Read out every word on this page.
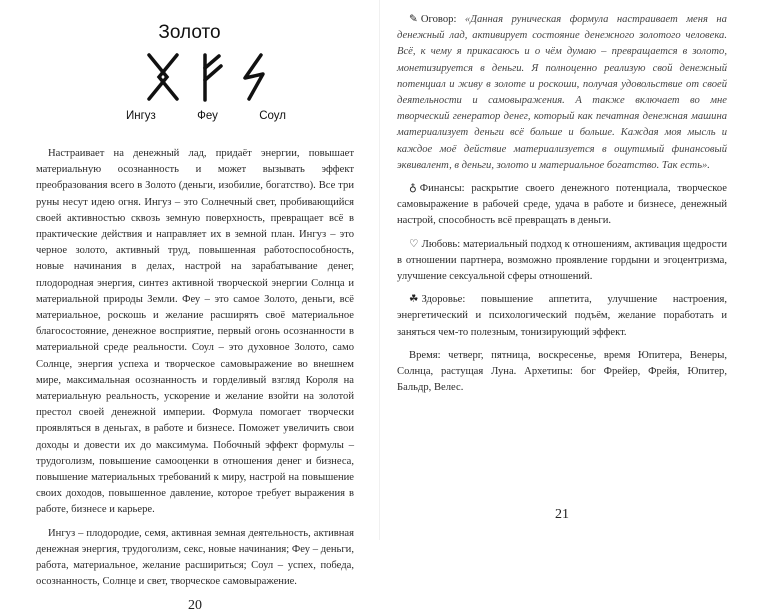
Золото
Ингуз	Феу	Соул

Настраивает на денежный лад, придаёт энергии, повышает материальную осознанность и может вызывать эффект преобразования всего в Золото (деньги, изобилие, богатство). Все три руны несут идею огня. Ингуз – это Солнечный свет, пробивающийся своей активностью сквозь земную поверхность, превращает всё в практические действия и направляет их в земной план. Ингуз – это черное золото, активный труд, повышенная работоспособность, новые начинания в делах, настрой на зарабатывание денег, плодородная энергия, синтез активной творческой энергии Солнца и материальной природы Земли. Феу – это самое Золото, деньги, всё материальное, роскошь и желание расширять своё материальное благосостояние, денежное восприятие, первый огонь осознанности в материальной среде реальности. Соул – это духовное Золото, само Солнце, энергия успеха и творческое самовыражение во внешнем мире, максимальная осознанность и горделивый взгляд Короля на материальную реальность, ускорение и желание взойти на золотой престол своей денежной империи. Формула помогает творчески проявляться в деньгах, в работе и бизнесе. Поможет увеличить свои доходы и довести их до максимума. Побочный эффект формулы – трудоголизм, повышение самооценки в отношения денег и бизнеса, повышение материальных требований к миру, настрой на повышение своих доходов, повышенное давление, которое требует выражения в работе, бизнесе и карьере.

Ингуз – плодородие, семя, активная земная деятельность, активная денежная энергия, трудоголизм, секс, новые начинания; Феу – деньги, работа, материальное, желание расшириться; Соул – успех, победа, осознанность, Солнце и свет, творческое самовыражение.

20

✎ Оговор: «Данная руническая формула настраивает меня на денежный лад, активирует состояние денежного золотого человека. Всё, к чему я прикасаюсь и о чём думаю – превращается в золото, монетизируется в деньги. Я полноценно реализую свой денежный потенциал и живу в золоте и роскоши, получая удовольствие от своей деятельности и самовыражения. А также включает во мне творческий генератор денег, который как печатная денежная машина материализует деньги всё больше и больше. Каждая моя мысль и каждое моё действие материализуется в ощутимый финансовый эквивалент, в деньги, золото и материальное богатство. Так есть».

♁ Финансы: раскрытие своего денежного потенциала, творческое самовыражение в рабочей среде, удача в работе и бизнесе, денежный настрой, способность всё превращать в деньги.

♡ Любовь: материальный подход к отношениям, активация щедрости в отношении партнера, возможно проявление гордыни и эгоцентризма, улучшение сексуальной сферы отношений.

☘ Здоровье: повышение аппетита, улучшение настроения, энергетический и психологический подъём, желание поработать и заняться чем-то полезным, тонизирующий эффект.

Время: четверг, пятница, воскресенье, время Юпитера, Венеры, Солнца, растущая Луна. Архетипы: бог Фрейер, Фрейя, Юпитер, Бальдр, Велес.

21
